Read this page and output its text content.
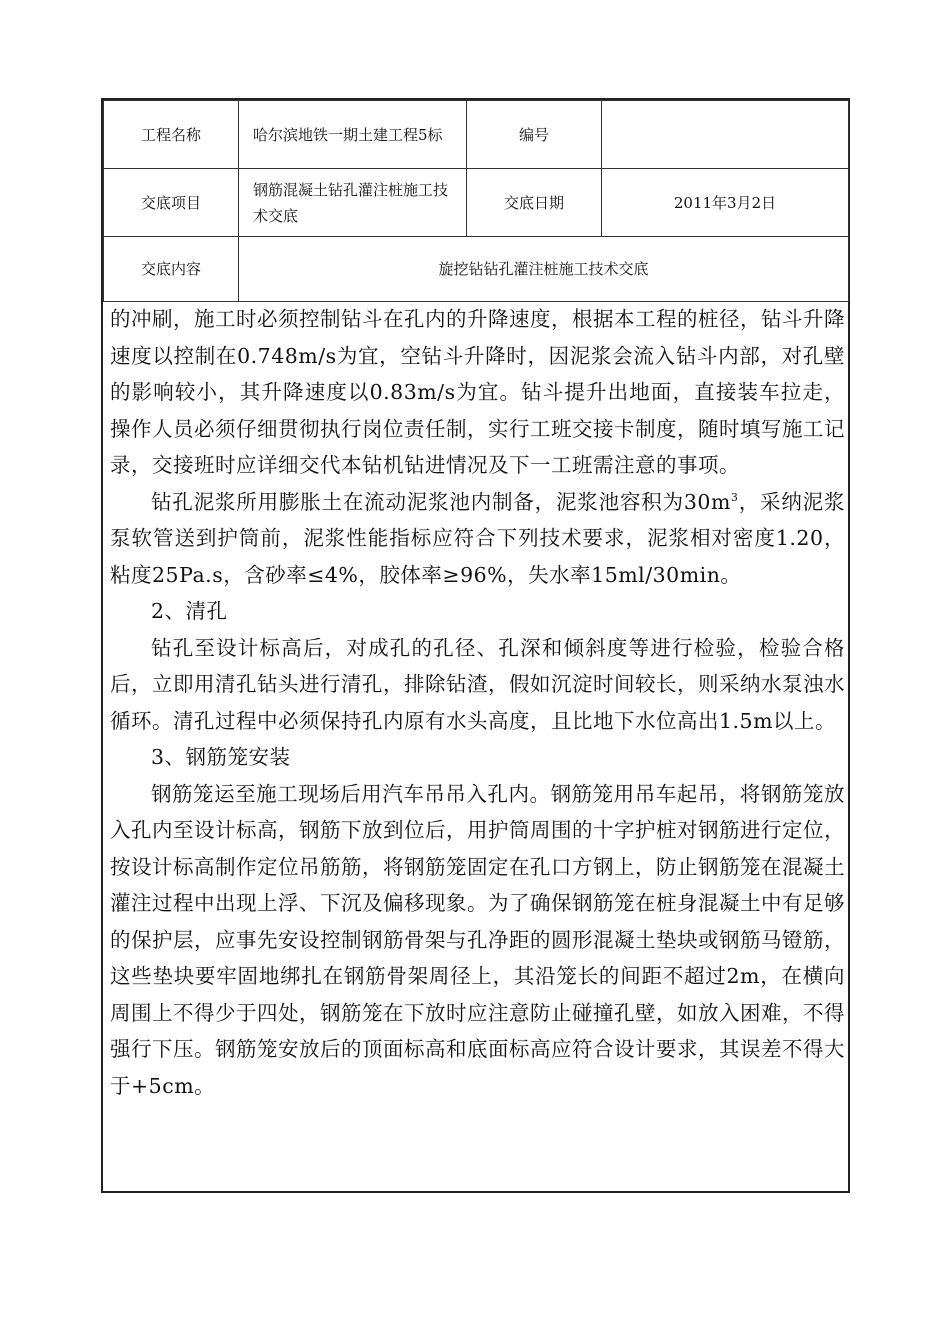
工程名称	哈尔滨地铁一期土建工程5标	编号	
交底项目	钢筋混凝土钻孔灌注桩施工技术交底	交底日期	2011年3月2日
交底内容	旋挖钻钻孔灌注桩施工技术交底		

的冲刷，施工时必须控制钻斗在孔内的升降速度，根据本工程的桩径，钻斗升降速度以控制在0.748m/s为宜，空钻斗升降时，因泥浆会流入钻斗内部，对孔壁的影响较小，其升降速度以0.83m/s为宜。钻斗提升出地面，直接装车拉走，操作人员必须仔细贯彻执行岗位责任制，实行工班交接卡制度，随时填写施工记录，交接班时应详细交代本钻机钻进情况及下一工班需注意的事项。

钻孔泥浆所用膨胀土在流动泥浆池内制备，泥浆池容积为$30m^3$，采纳泥浆泵软管送到护筒前，泥浆性能指标应符合下列技术要求，泥浆相对密度1.20，粘度25Pa.s，含砂率≤4%，胶体率≥96%，失水率15ml/30min。

2、清孔

钻孔至设计标高后，对成孔的孔径、孔深和倾斜度等进行检验，检验合格后，立即用清孔钻头进行清孔，排除钻渣，假如沉淀时间较长，则采纳水泵浊水循环。清孔过程中必须保持孔内原有水头高度，且比地下水位高出1.5m以上。

3、钢筋笼安装

钢筋笼运至施工现场后用汽车吊吊入孔内。钢筋笼用吊车起吊，将钢筋笼放入孔内至设计标高，钢筋下放到位后，用护筒周围的十字护桩对钢筋进行定位，按设计标高制作定位吊筋筋，将钢筋笼固定在孔口方钢上，防止钢筋笼在混凝土灌注过程中出现上浮、下沉及偏移现象。为了确保钢筋笼在桩身混凝土中有足够的保护层，应事先安设控制钢筋骨架与孔净距的圆形混凝土垫块或钢筋马镫筋，这些垫块要牢固地绑扎在钢筋骨架周径上，其沿笼长的间距不超过2m，在横向周围上不得少于四处，钢筋笼在下放时应注意防止碰撞孔壁，如放入困难，不得强行下压。钢筋笼安放后的顶面标高和底面标高应符合设计要求，其误差不得大于+5cm。
